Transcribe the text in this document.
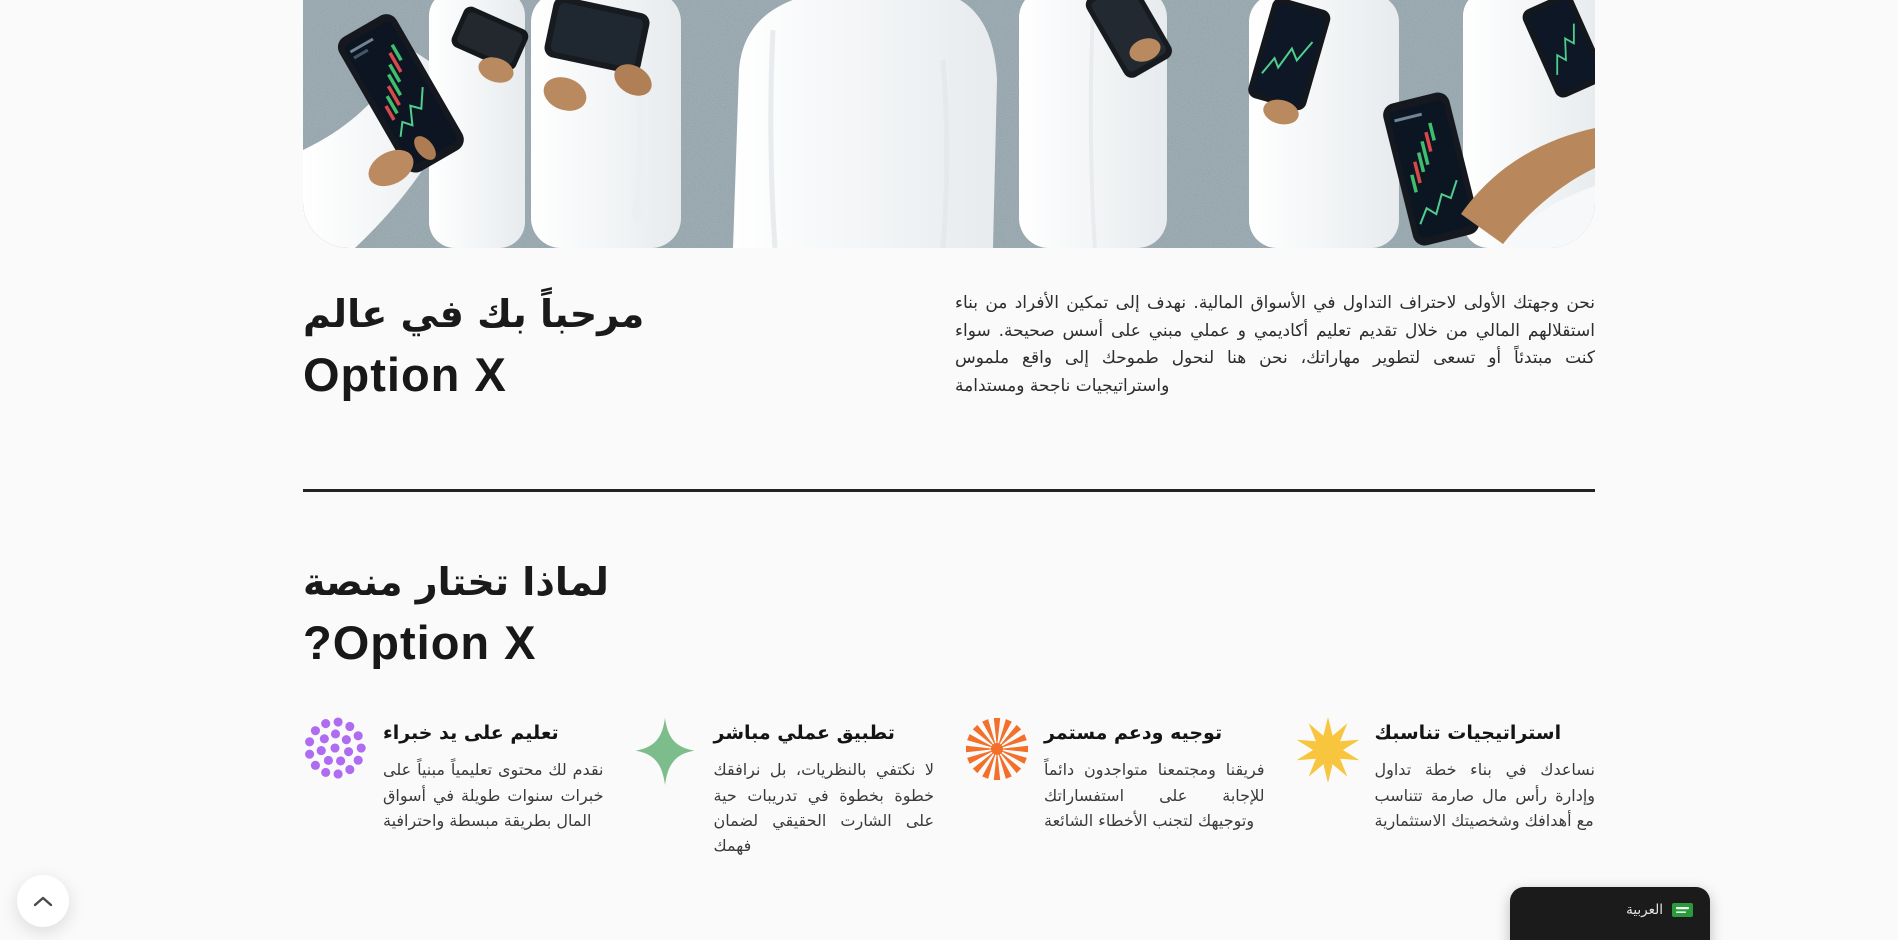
مرحباً بك في عالم
Option X
نحن وجهتك الأولى لاحتراف التداول في الأسواق المالية. نهدف إلى تمكين الأفراد من بناء استقلالهم المالي من خلال تقديم تعليم أكاديمي و عملي مبني على أسس صحيحة. سواء كنت مبتدئاً أو تسعى لتطوير مهاراتك، نحن هنا لنحول طموحك إلى واقع ملموس واستراتيجيات ناجحة ومستدامة
لماذا تختار منصة
Option X?
استراتيجيات تناسبك
نساعدك في بناء خطة تداول وإدارة رأس مال صارمة تتناسب مع أهدافك وشخصيتك الاستثمارية
توجيه ودعم مستمر
فريقنا ومجتمعنا متواجدون دائماً للإجابة على استفساراتك وتوجيهك لتجنب الأخطاء الشائعة
تطبيق عملي مباشر
لا نكتفي بالنظريات، بل نرافقك خطوة بخطوة في تدريبات حية على الشارت الحقيقي لضمان فهمك
تعليم على يد خبراء
نقدم لك محتوى تعليمياً مبنياً على خبرات سنوات طويلة في أسواق المال بطريقة مبسطة واحترافية
العربية
